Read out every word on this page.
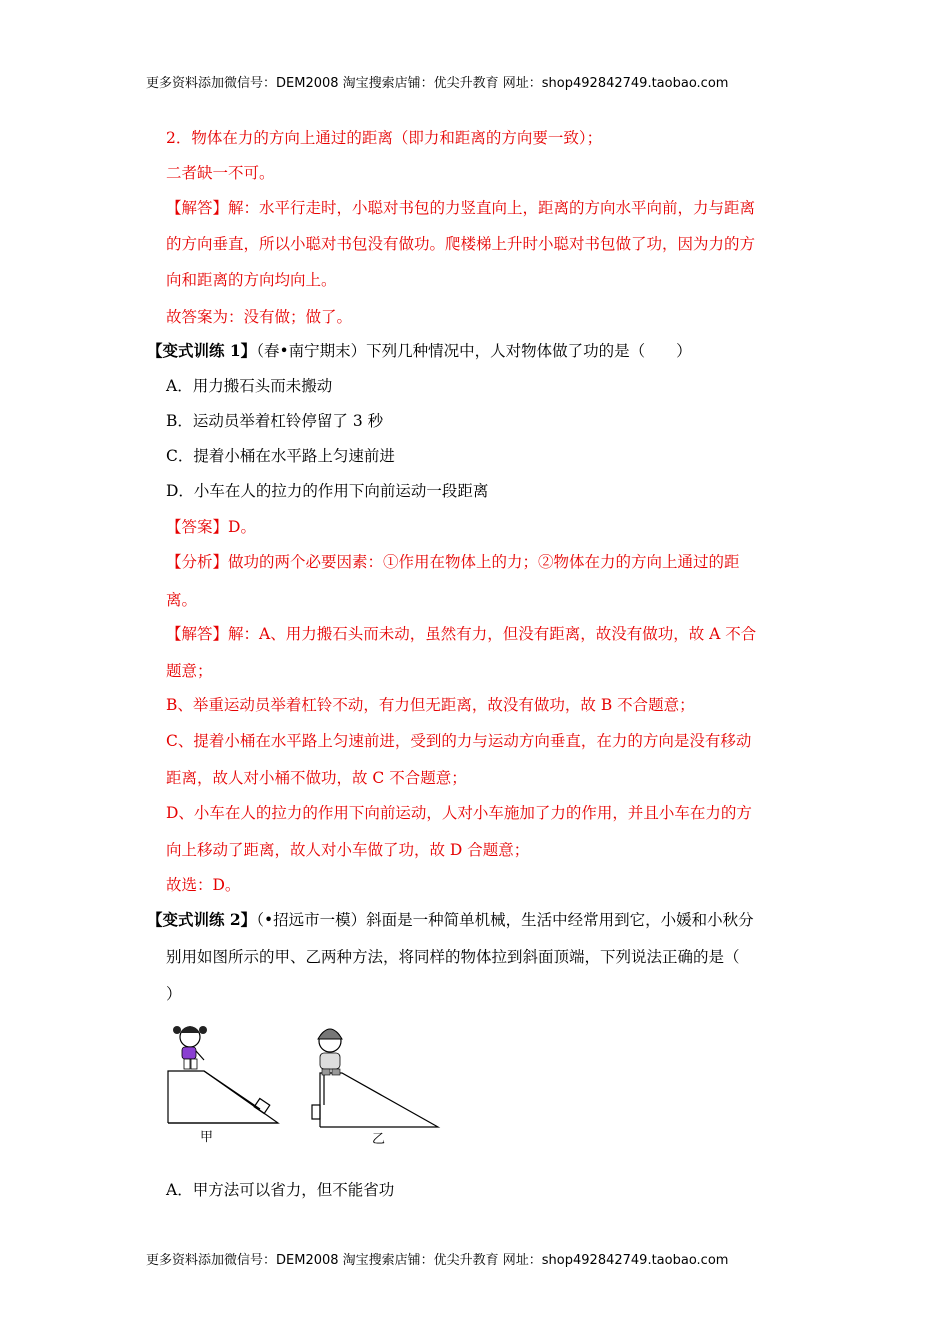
更多资料添加微信号：DEM2008 淘宝搜索店铺：优尖升教育 网址：shop492842749.taobao.com
2．物体在力的方向上通过的距离（即力和距离的方向要一致）；
二者缺一不可。
【解答】解：水平行走时，小聪对书包的力竖直向上，距离的方向水平向前，力与距离
的方向垂直，所以小聪对书包没有做功。爬楼梯上升时小聪对书包做了功，因为力的方
向和距离的方向均向上。
故答案为：没有做；做了。
【变式训练 1】（春•南宁期末）下列几种情况中，人对物体做了功的是（　　）
A．用力搬石头而未搬动
B．运动员举着杠铃停留了 3 秒
C．提着小桶在水平路上匀速前进
D．小车在人的拉力的作用下向前运动一段距离
【答案】D。
【分析】做功的两个必要因素：①作用在物体上的力；②物体在力的方向上通过的距
离。
【解答】解：A、用力搬石头而未动，虽然有力，但没有距离，故没有做功，故 A 不合
题意；
B、举重运动员举着杠铃不动，有力但无距离，故没有做功，故 B 不合题意；
C、提着小桶在水平路上匀速前进，受到的力与运动方向垂直，在力的方向是没有移动
距离，故人对小桶不做功，故 C 不合题意；
D、小车在人的拉力的作用下向前运动，人对小车施加了力的作用，并且小车在力的方
向上移动了距离，故人对小车做了功，故 D 合题意；
故选：D。
【变式训练 2】（•招远市一模）斜面是一种简单机械，生活中经常用到它，小媛和小秋分
别用如图所示的甲、乙两种方法，将同样的物体拉到斜面顶端，下列说法正确的是（
）
甲	乙
A．甲方法可以省力，但不能省功
更多资料添加微信号：DEM2008 淘宝搜索店铺：优尖升教育 网址：shop492842749.taobao.com
